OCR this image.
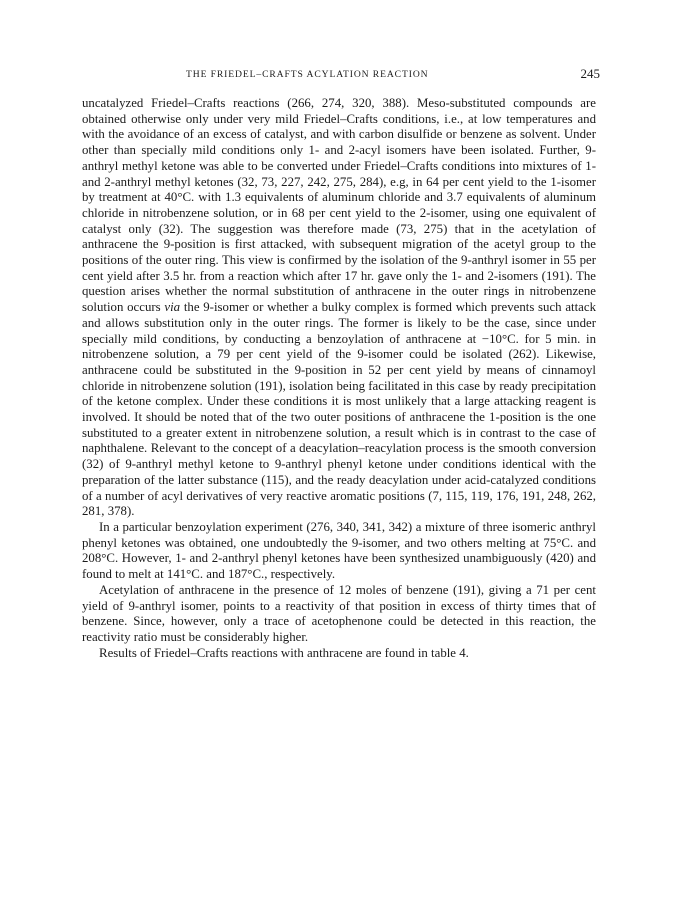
THE FRIEDEL–CRAFTS ACYLATION REACTION	245

uncatalyzed Friedel–Crafts reactions (266, 274, 320, 388). Meso-substituted compounds are obtained otherwise only under very mild Friedel–Crafts conditions, i.e., at low temperatures and with the avoidance of an excess of catalyst, and with carbon disulfide or benzene as solvent. Under other than specially mild conditions only 1- and 2-acyl isomers have been isolated. Further, 9-anthryl methyl ketone was able to be converted under Friedel–Crafts conditions into mixtures of 1- and 2-anthryl methyl ketones (32, 73, 227, 242, 275, 284), e.g, in 64 per cent yield to the 1-isomer by treatment at 40°C. with 1.3 equivalents of aluminum chloride and 3.7 equivalents of aluminum chloride in nitrobenzene solution, or in 68 per cent yield to the 2-isomer, using one equivalent of catalyst only (32). The suggestion was therefore made (73, 275) that in the acetylation of anthracene the 9-position is first attacked, with subsequent migration of the acetyl group to the positions of the outer ring. This view is confirmed by the isolation of the 9-anthryl isomer in 55 per cent yield after 3.5 hr. from a reaction which after 17 hr. gave only the 1- and 2-isomers (191). The question arises whether the normal substitution of anthracene in the outer rings in nitrobenzene solution occurs via the 9-isomer or whether a bulky complex is formed which prevents such attack and allows substitution only in the outer rings. The former is likely to be the case, since under specially mild conditions, by conducting a benzoylation of anthracene at −10°C. for 5 min. in nitrobenzene solution, a 79 per cent yield of the 9-isomer could be isolated (262). Likewise, anthracene could be substituted in the 9-position in 52 per cent yield by means of cinnamoyl chloride in nitrobenzene solution (191), isolation being facilitated in this case by ready precipitation of the ketone complex. Under these conditions it is most unlikely that a large attacking reagent is involved. It should be noted that of the two outer positions of anthracene the 1-position is the one substituted to a greater extent in nitrobenzene solution, a result which is in contrast to the case of naphthalene. Relevant to the concept of a deacylation–reacylation process is the smooth conversion (32) of 9-anthryl methyl ketone to 9-anthryl phenyl ketone under conditions identical with the preparation of the latter substance (115), and the ready deacylation under acid-catalyzed conditions of a number of acyl derivatives of very reactive aromatic positions (7, 115, 119, 176, 191, 248, 262, 281, 378).

In a particular benzoylation experiment (276, 340, 341, 342) a mixture of three isomeric anthryl phenyl ketones was obtained, one undoubtedly the 9-isomer, and two others melting at 75°C. and 208°C. However, 1- and 2-anthryl phenyl ketones have been synthesized unambiguously (420) and found to melt at 141°C. and 187°C., respectively.

Acetylation of anthracene in the presence of 12 moles of benzene (191), giving a 71 per cent yield of 9-anthryl isomer, points to a reactivity of that position in excess of thirty times that of benzene. Since, however, only a trace of acetophenone could be detected in this reaction, the reactivity ratio must be considerably higher.

Results of Friedel–Crafts reactions with anthracene are found in table 4.
